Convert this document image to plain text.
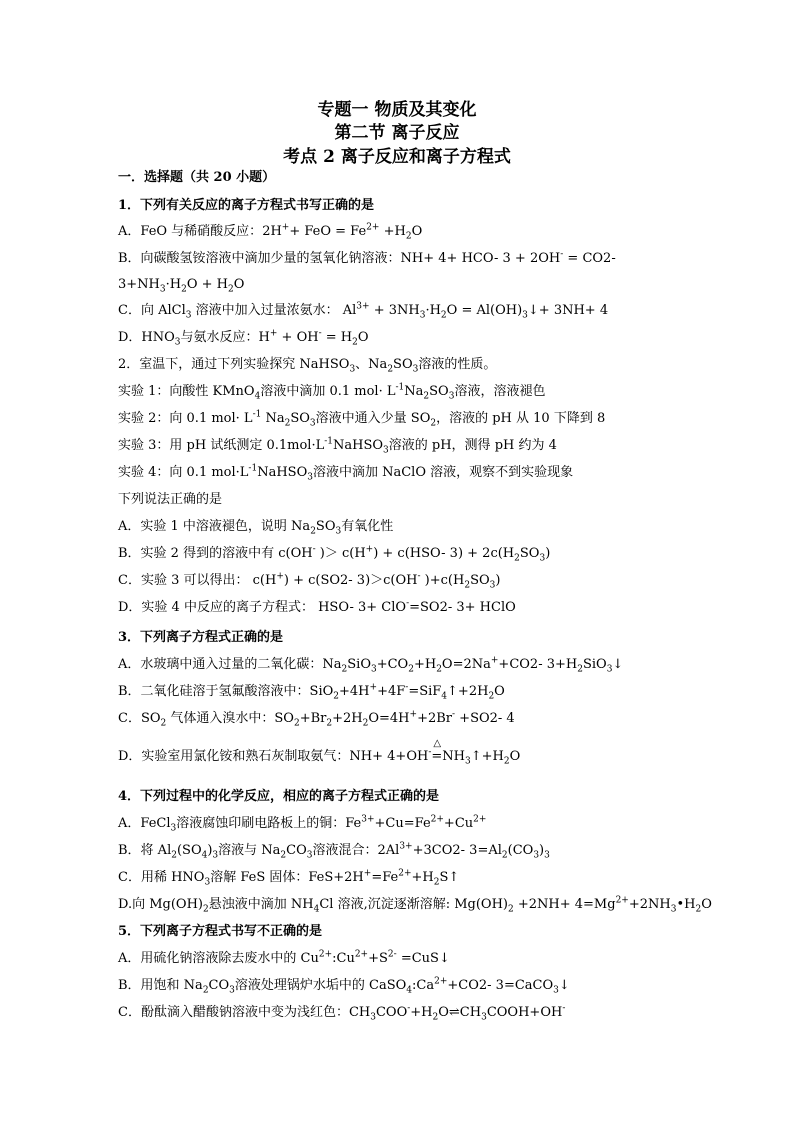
专题一 物质及其变化
第二节 离子反应
考点 2 离子反应和离子方程式
一．选择题（共 20 小题）
1．下列有关反应的离子方程式书写正确的是
A．FeO 与稀硝酸反应：2H++ FeO = $Fe^{2+} +H_2O$
B．向碳酸氢铵溶液中滴加少量的氢氧化钠溶液：NH+ 4+ HCO- 3 + 2OH- = CO2-
$3+NH_3\cdot H_2O + H_2O$
C．向 AlCl$_3$ 溶液中加入过量浓氨水： $Al^{3+} + 3NH_3\cdot H_2O$ = $Al(OH)_3↓+ 3NH+ 4$
D．$HNO_3$与氨水反应：$H^+ + OH^- = H_2O$
2．室温下，通过下列实验探究 NaHSO$_3$、$Na_2SO_3$溶液的性质。
实验 1：向酸性 KMnO$_4$溶液中滴加 0.1 $mol\cdot L^{-1}Na_2SO_3$溶液，溶液褪色
实验 2：向 0.1 $mol\cdot L^{-1}$ $Na_2SO_3$溶液中通入少量 $SO_2$，溶液的 pH 从 10 下降到 8
实验 3：用 pH 试纸测定 $0.1mol\cdot L^{-1}NaHSO_3$溶液的 pH，测得 pH 约为 4
实验 4：向 0.1 $mol\cdot L^{-1}NaHSO_3$溶液中滴加 NaClO 溶液，观察不到实验现象
下列说法正确的是
A．实验 1 中溶液褪色，说明 $Na_2SO_3$有氧化性
B．实验 2 得到的溶液中有 c(OH- )＞ c(H+) + c(HSO- $3) + 2c(H_2SO_3)$
C．实验 3 可以得出： c(H+) + c(SO2- 3)＞c(OH- )$+c(H_2SO_3)$
D．实验 4 中反应的离子方程式： HSO- 3+ ClO-=SO2- 3+ HClO
3．下列离子方程式正确的是
A．水玻璃中通入过量的二氧化碳：$Na_2SiO_3+CO_2+H_2O=2Na^++CO2-$ $3+H_2SiO_3↓$
B．二氧化硅溶于氢氟酸溶液中：$SiO_2+4H^++4F^-=SiF_4↑+2H_2O$
C．$SO_2$ 气体通入溴水中：$SO_2+Br_2+2H_2O=4H^++2Br^- +SO2-$ 4
D．实验室用氯化铵和熟石灰制取氨气：NH+ 4+OH-
△
$=NH_3↑+H_2O$
4．下列过程中的化学反应，相应的离子方程式正确的是
A．FeCl$_3$溶液腐蚀印刷电路板上的铜：$Fe^{3+}+Cu=Fe^{2+}+Cu^{2+}$
B．将 $Al_2(SO_4)_3$溶液与 $Na_2CO_3$溶液混合：$2Al^{3+}+3CO2-$ $3=Al_2(CO_3)_3$
C．用稀 $HNO_3$溶解 FeS 固体：$FeS+2H^+=Fe^{2+}+H_2S↑$
D.向 $Mg(OH)_2$悬浊液中滴加 $NH_4Cl$ 溶液,沉淀逐渐溶解: $Mg(OH)_2 +2NH+$ $4=Mg^{2+}+2NH_3•H_2O$
5．下列离子方程式书写不正确的是
A．用硫化钠溶液除去废水中的 $Cu^{2+}:Cu^{2+}+S^{2-}$ =CuS↓
B．用饱和 $Na_2CO_3$溶液处理锅炉水垢中的 $CaSO_4:Ca^{2+}+CO2-$ 3=CaCO$_3$↓
C．酚酞滴入醋酸钠溶液中变为浅红色：$CH_3COO^-+H_2O\rightleftharpoons CH_3COOH+OH^-$
